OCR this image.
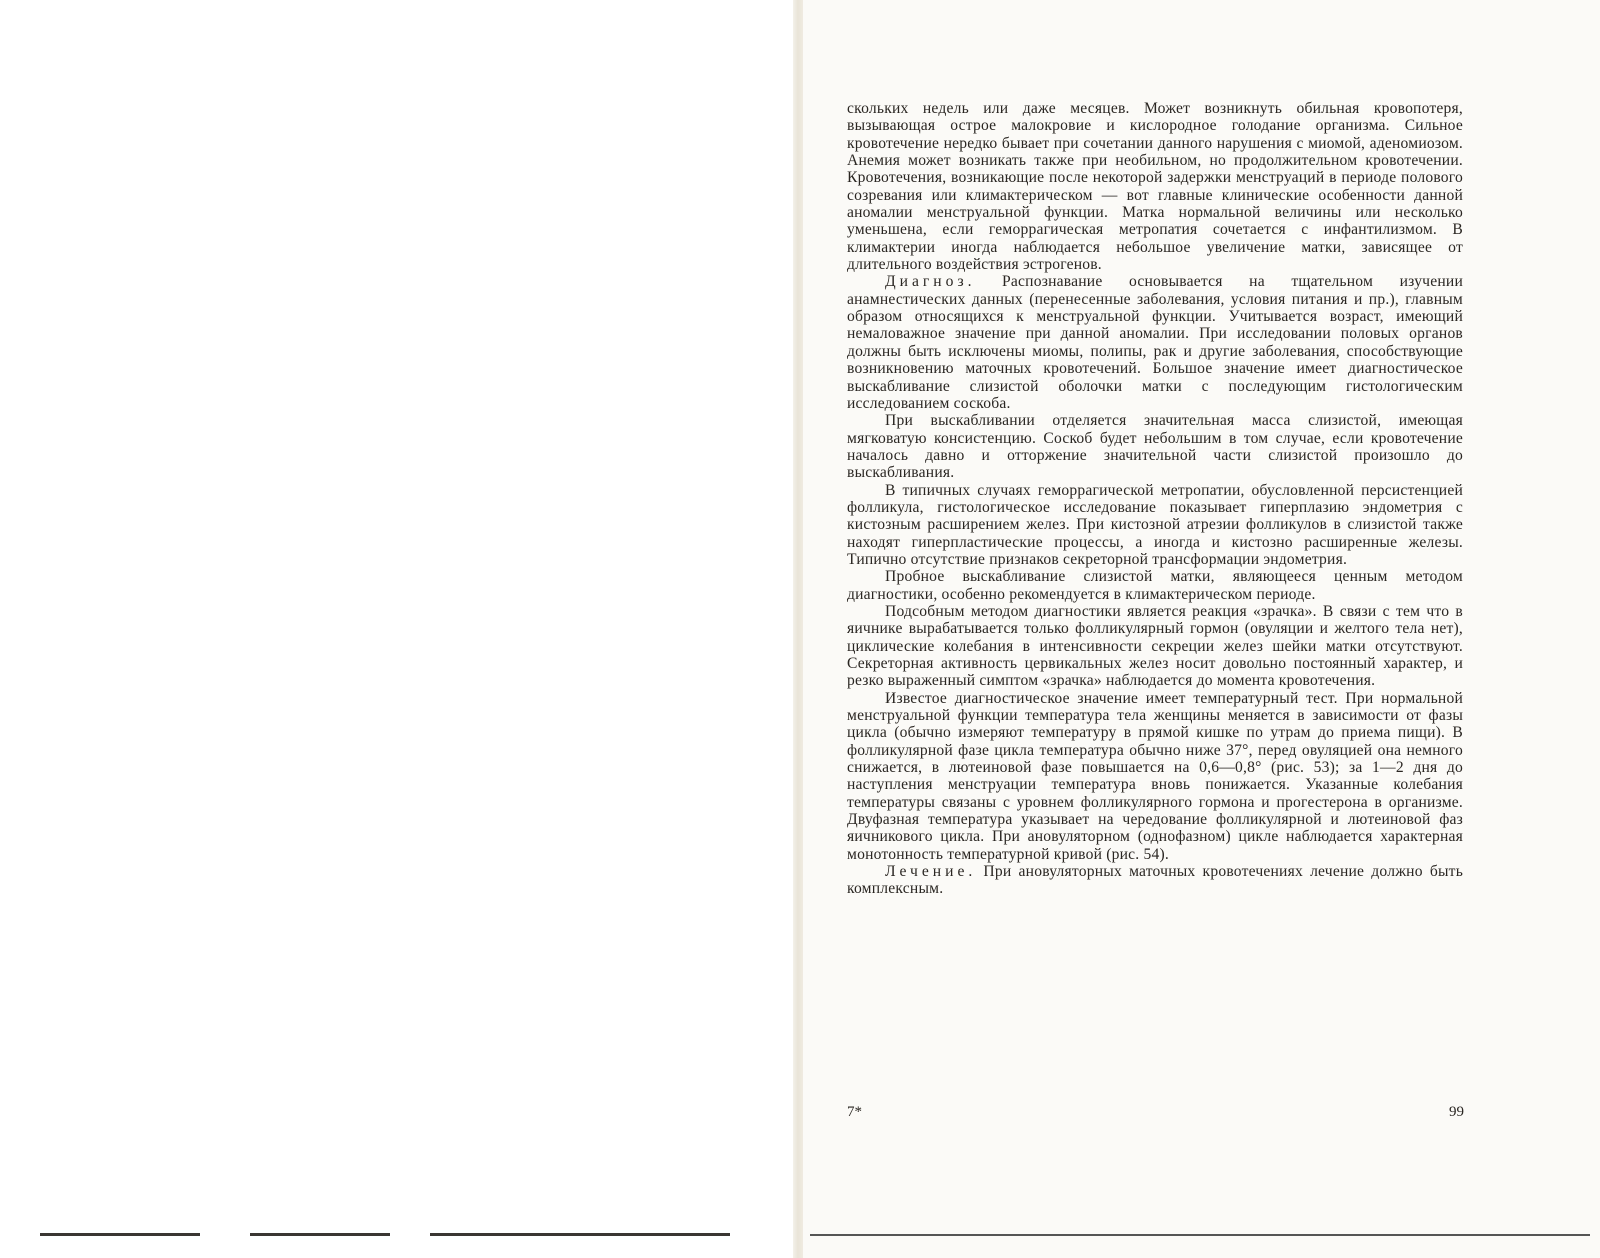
скольких недель или даже месяцев. Может возникнуть обильная кровопотеря, вызывающая острое малокровие и кислородное голодание организма. Сильное кровотечение нередко бывает при сочетании данного нарушения с миомой, аденомиозом. Анемия может возникать также при необильном, но продолжительном кровотечении. Кровотечения, возникающие после некоторой задержки менструаций в периоде полового созревания или климактерическом — вот главные клинические особенности данной аномалии менструальной функции. Матка нормальной величины или несколько уменьшена, если геморрагическая метропатия сочетается с инфантилизмом. В климактерии иногда наблюдается небольшое увеличение матки, зависящее от длительного воздействия эстрогенов.

Диагноз. Распознавание основывается на тщательном изучении анамнестических данных (перенесенные заболевания, условия питания и пр.), главным образом относящихся к менструальной функции. Учитывается возраст, имеющий немаловажное значение при данной аномалии. При исследовании половых органов должны быть исключены миомы, полипы, рак и другие заболевания, способствующие возникновению маточных кровотечений. Большое значение имеет диагностическое выскабливание слизистой оболочки матки с последующим гистологическим исследованием соскоба.

При выскабливании отделяется значительная масса слизистой, имеющая мягковатую консистенцию. Соскоб будет небольшим в том случае, если кровотечение началось давно и отторжение значительной части слизистой произошло до выскабливания.

В типичных случаях геморрагической метропатии, обусловленной персистенцией фолликула, гистологическое исследование показывает гиперплазию эндометрия с кистозным расширением желез. При кистозной атрезии фолликулов в слизистой также находят гиперпластические процессы, а иногда и кистозно расширенные железы. Типично отсутствие признаков секреторной трансформации эндометрия.

Пробное выскабливание слизистой матки, являющееся ценным методом диагностики, особенно рекомендуется в климактерическом периоде.

Подсобным методом диагностики является реакция «зрачка». В связи с тем что в яичнике вырабатывается только фолликулярный гормон (овуляции и желтого тела нет), циклические колебания в интенсивности секреции желез шейки матки отсутствуют. Секреторная активность цервикальных желез носит довольно постоянный характер, и резко выраженный симптом «зрачка» наблюдается до момента кровотечения.

Известое диагностическое значение имеет температурный тест. При нормальной менструальной функции температура тела женщины меняется в зависимости от фазы цикла (обычно измеряют температуру в прямой кишке по утрам до приема пищи). В фолликулярной фазе цикла температура обычно ниже 37°, перед овуляцией она немного снижается, в лютеиновой фазе повышается на 0,6—0,8° (рис. 53); за 1—2 дня до наступления менструации температура вновь понижается. Указанные колебания температуры связаны с уровнем фолликулярного гормона и прогестерона в организме. Двуфазная температура указывает на чередование фолликулярной и лютеиновой фаз яичникового цикла. При ановуляторном (однофазном) цикле наблюдается характерная монотонность температурной кривой (рис. 54).

Лечение. При ановуляторных маточных кровотечениях лечение должно быть комплексным.

7*	99
